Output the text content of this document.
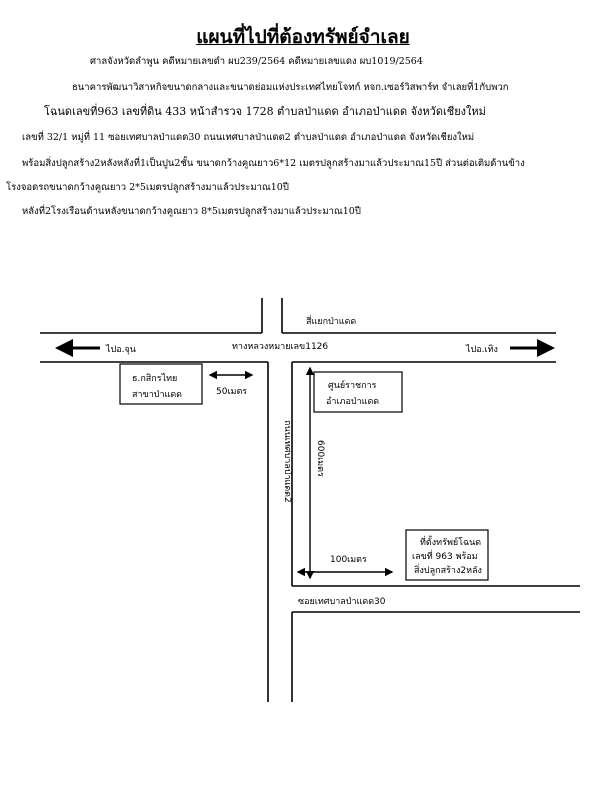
แผนที่ไปที่ต้องทรัพย์จำเลย
ศาลจังหวัดลำพูน คดีหมายเลขดำ ผบ239/2564 คดีหมายเลขแดง ผบ1019/2564
ธนาคารพัฒนาวิสาหกิจขนาดกลางและขนาดย่อมแห่งประเทศไทยโจทก์ หจก.เซอร์วิสพาร์ท จำเลยที่1กับพวก
โฉนดเลขที่963 เลขที่ดิน 433 หน้าสำรวจ 1728 ตำบลป่าแดด อำเภอป่าแดด จังหวัดเชียงใหม่
เลขที่ 32/1 หมู่ที่ 11 ซอยเทศบาลป่าแดด30 ถนนเทศบาลป่าแดด2 ตำบลป่าแดด อำเภอป่าแดด จังหวัดเชียงใหม่
พร้อมสิ่งปลูกสร้าง2หลังหลังที่1เป็นปูน2ชั้น ขนาดกว้างคูณยาว6*12 เมตรปลูกสร้างมาแล้วประมาณ15ปี ส่วนต่อเติมด้านข้าง
โรงจอดรถขนาดกว้างคูณยาว 2*5เมตรปลูกสร้างมาแล้วประมาณ10ปี
หลังที่2โรงเรือนด้านหลังขนาดกว้างคูณยาว 8*5เมตรปลูกสร้างมาแล้วประมาณ10ปี
สี่แยกป่าแดด
ทางหลวงหมายเลข1126
ไปอ.จุน	ไปอ.เทิง
ธ.กสิกรไทย
สาขาป่าแดด	50เมตร
ศูนย์ราชการ
อำเภอป่าแดด
ถนนเทศบาลป่าแดด2	600เมตร
100เมตร
ที่ตั้งทรัพย์โฉนด
เลขที่ 963 พร้อม
สิ่งปลูกสร้าง2หลัง
ซอยเทศบาลป่าแดด30
